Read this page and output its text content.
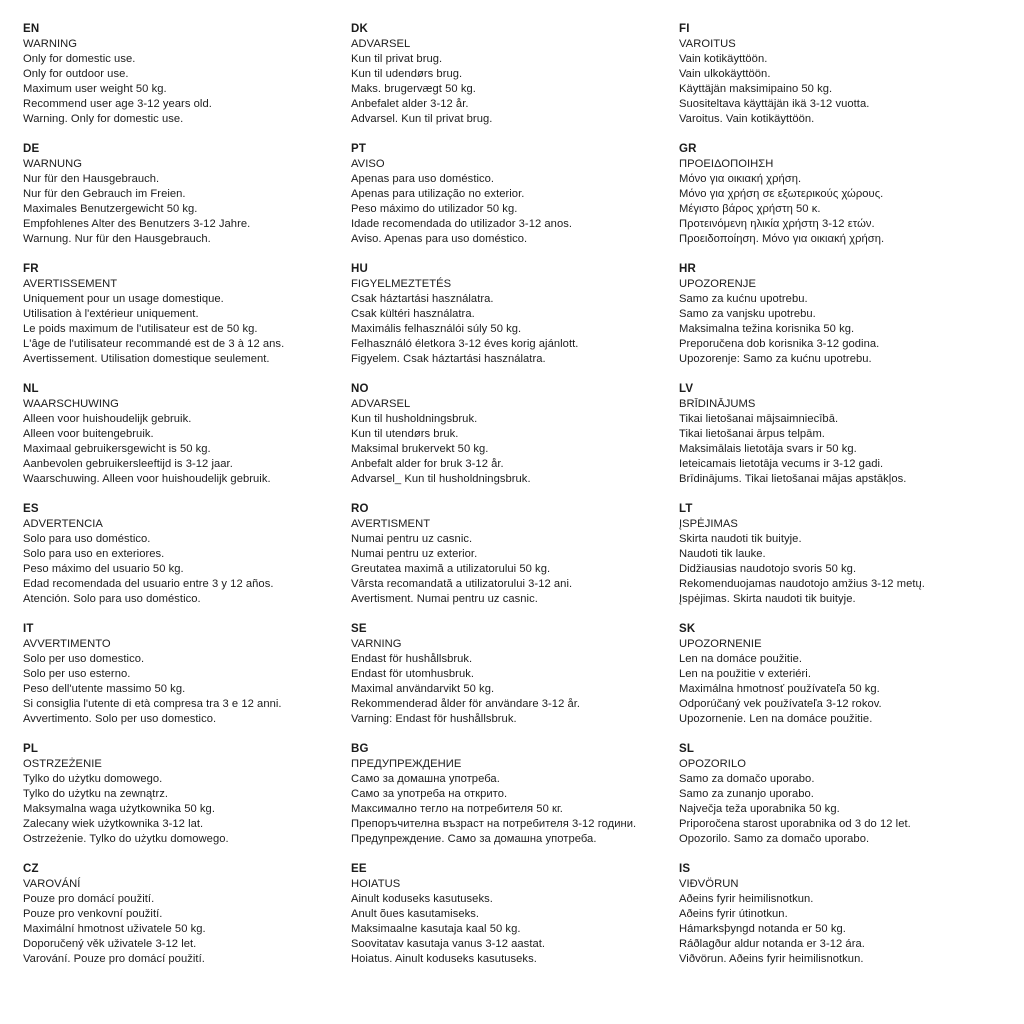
EN
WARNING
Only for domestic use.
Only for outdoor use.
Maximum user weight 50 kg.
Recommend user age 3-12 years old.
Warning. Only for domestic use.
DE
WARNUNG
Nur für den Hausgebrauch.
Nur für den Gebrauch im Freien.
Maximales Benutzergewicht 50 kg.
Empfohlenes Alter des Benutzers 3-12 Jahre.
Warnung. Nur für den Hausgebrauch.
FR
AVERTISSEMENT
Uniquement pour un usage domestique.
Utilisation à l'extérieur uniquement.
Le poids maximum de l'utilisateur est de 50 kg.
L'âge de l'utilisateur recommandé est de 3 à 12 ans.
Avertissement. Utilisation domestique seulement.
NL
WAARSCHUWING
Alleen voor huishoudelijk gebruik.
Alleen voor buitengebruik.
Maximaal gebruikersgewicht is 50 kg.
Aanbevolen gebruikersleeftijd is 3-12 jaar.
Waarschuwing. Alleen voor huishoudelijk gebruik.
ES
ADVERTENCIA
Solo para uso doméstico.
Solo para uso en exteriores.
Peso máximo del usuario 50 kg.
Edad recomendada del usuario entre 3 y 12 años.
Atención. Solo para uso doméstico.
IT
AVVERTIMENTO
Solo per uso domestico.
Solo per uso esterno.
Peso dell'utente massimo 50 kg.
Si consiglia l'utente di età compresa tra 3 e 12 anni.
Avvertimento. Solo per uso domestico.
PL
OSTRZEŻENIE
Tylko do użytku domowego.
Tylko do użytku na zewnątrz.
Maksymalna waga użytkownika 50 kg.
Zalecany wiek użytkownika 3-12 lat.
Ostrzeżenie. Tylko do użytku domowego.
CZ
VAROVÁNÍ
Pouze pro domácí použití.
Pouze pro venkovní použití.
Maximální hmotnost uživatele 50 kg.
Doporučený věk uživatele 3-12 let.
Varování. Pouze pro domácí použití.
DK
ADVARSEL
Kun til privat brug.
Kun til udendørs brug.
Maks. brugervægt 50 kg.
Anbefalet alder 3-12 år.
Advarsel. Kun til privat brug.
PT
AVISO
Apenas para uso doméstico.
Apenas para utilização no exterior.
Peso máximo do utilizador 50 kg.
Idade recomendada do utilizador 3-12 anos.
Aviso. Apenas para uso doméstico.
HU
FIGYELMEZTETÉS
Csak háztartási használatra.
Csak kültéri használatra.
Maximális felhasználói súly 50 kg.
Felhasználó életkora 3-12 éves korig ajánlott.
Figyelem. Csak háztartási használatra.
NO
ADVARSEL
Kun til husholdningsbruk.
Kun til utendørs bruk.
Maksimal brukervekt 50 kg.
Anbefalt alder for bruk 3-12 år.
Advarsel_ Kun til husholdningsbruk.
RO
AVERTISMENT
Numai pentru uz casnic.
Numai pentru uz exterior.
Greutatea maximă a utilizatorului 50 kg.
Vârsta recomandată a utilizatorului 3-12 ani.
Avertisment. Numai pentru uz casnic.
SE
VARNING
Endast för hushållsbruk.
Endast för utomhusbruk.
Maximal användarvikt 50 kg.
Rekommenderad ålder för användare 3-12 år.
Varning: Endast för hushållsbruk.
BG
ПРЕДУПРЕЖДЕНИЕ
Само за домашна употреба.
Само за употреба на открито.
Максимално тегло на потребителя 50 кг.
Препоръчителна възраст на потребителя 3-12 години.
Предупреждение. Само за домашна употреба.
EE
HOIATUS
Ainult koduseks kasutuseks.
Anult õues kasutamiseks.
Maksimaalne kasutaja kaal 50 kg.
Soovitatav kasutaja vanus 3-12 aastat.
Hoiatus. Ainult koduseks kasutuseks.
FI
VAROITUS
Vain kotikäyttöön.
Vain ulkokäyttöön.
Käyttäjän maksimipaino 50 kg.
Suositeltava käyttäjän ikä 3-12 vuotta.
Varoitus. Vain kotikäyttöön.
GR
ΠΡΟΕΙΔΟΠΟΙΗΣΗ
Μόνο για οικιακή χρήση.
Μόνο για χρήση σε εξωτερικούς χώρους.
Μέγιστο βάρος χρήστη 50 κ.
Προτεινόμενη ηλικία χρήστη 3-12 ετών.
Προειδοποίηση. Μόνο για οικιακή χρήση.
HR
UPOZORENJE
Samo za kućnu upotrebu.
Samo za vanjsku upotrebu.
Maksimalna težina korisnika 50 kg.
Preporučena dob korisnika 3-12 godina.
Upozorenje: Samo za kućnu upotrebu.
LV
BRĪDINĀJUMS
Tikai lietošanai mājsaimniecībā.
Tikai lietošanai ārpus telpām.
Maksimālais lietotāja svars ir 50 kg.
Ieteicamais lietotāja vecums ir 3-12 gadi.
Brīdinājums. Tikai lietošanai mājas apstākļos.
LT
ĮSPĖJIMAS
Skirta naudoti tik buityje.
Naudoti tik lauke.
Didžiausias naudotojo svoris 50 kg.
Rekomenduojamas naudotojo amžius 3-12 metų.
Įspėjimas. Skirta naudoti tik buityje.
SK
UPOZORNENIE
Len na domáce použitie.
Len na použitie v exteriéri.
Maximálna hmotnosť používateľa 50 kg.
Odporúčaný vek používateľa 3-12 rokov.
Upozornenie. Len na domáce použitie.
SL
OPOZORILO
Samo za domačo uporabo.
Samo za zunanjo uporabo.
Največja teža uporabnika 50 kg.
Priporočena starost uporabnika od 3 do 12 let.
Opozorilo. Samo za domačo uporabo.
IS
VIÐVÖRUN
Aðeins fyrir heimilisnotkun.
Aðeins fyrir útinotkun.
Hámarksþyngd notanda er 50 kg.
Ráðlagður aldur notanda er 3-12 ára.
Viðvörun. Aðeins fyrir heimilisnotkun.
